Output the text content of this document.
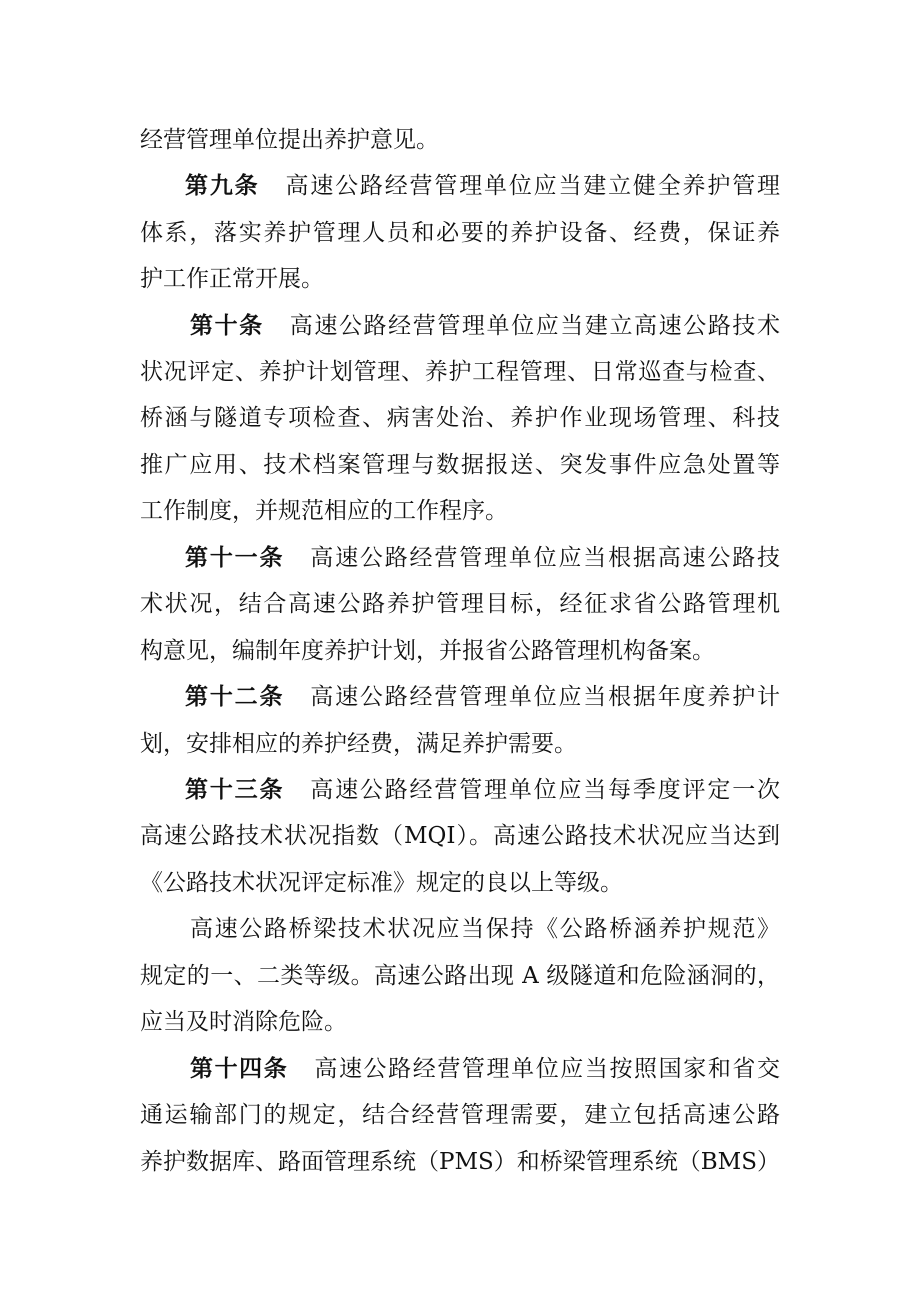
经营管理单位提出养护意见。
第九条 高速公路经营管理单位应当建立健全养护管理
体系，落实养护管理人员和必要的养护设备、经费，保证养
护工作正常开展。
第十条 高速公路经营管理单位应当建立高速公路技术
状况评定、养护计划管理、养护工程管理、日常巡查与检查、
桥涵与隧道专项检查、病害处治、养护作业现场管理、科技
推广应用、技术档案管理与数据报送、突发事件应急处置等
工作制度，并规范相应的工作程序。
第十一条 高速公路经营管理单位应当根据高速公路技
术状况，结合高速公路养护管理目标，经征求省公路管理机
构意见，编制年度养护计划，并报省公路管理机构备案。
第十二条 高速公路经营管理单位应当根据年度养护计
划，安排相应的养护经费，满足养护需要。
第十三条 高速公路经营管理单位应当每季度评定一次
高速公路技术状况指数（MQI）。高速公路技术状况应当达到
《公路技术状况评定标准》规定的良以上等级。
高速公路桥梁技术状况应当保持《公路桥涵养护规范》
规定的一、二类等级。高速公路出现 A 级隧道和危险涵洞的，
应当及时消除危险。
第十四条 高速公路经营管理单位应当按照国家和省交
通运输部门的规定，结合经营管理需要，建立包括高速公路
养护数据库、路面管理系统（PMS）和桥梁管理系统（BMS）
